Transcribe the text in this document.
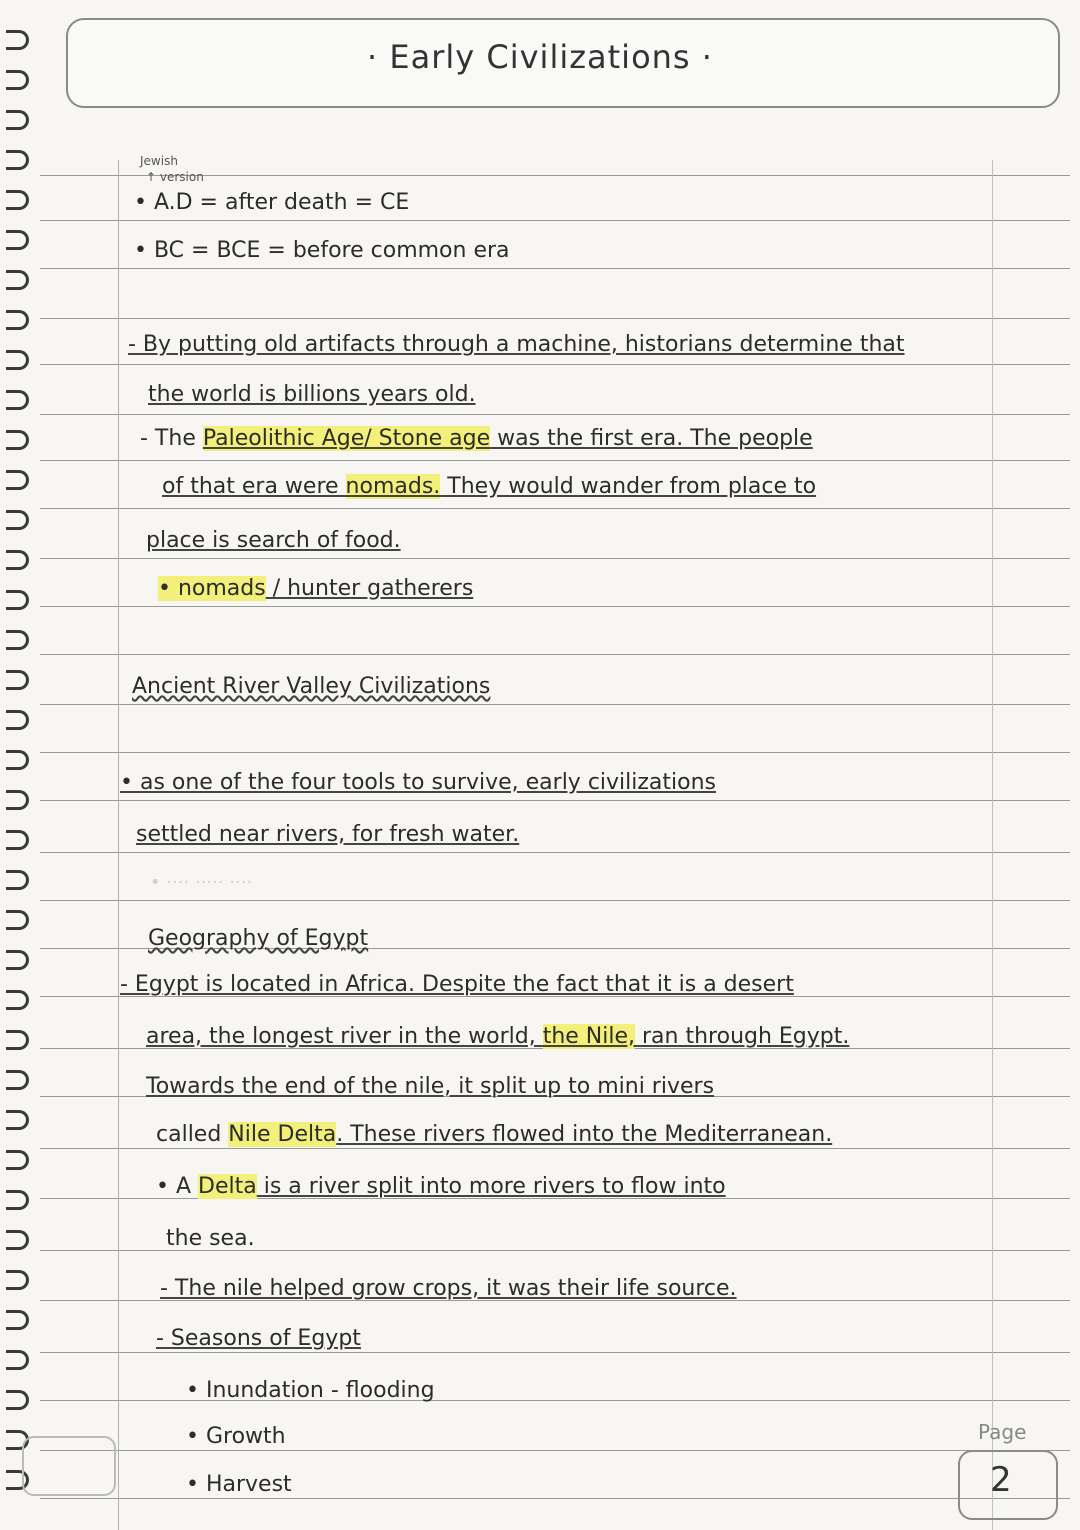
· Early Civilizations ·
Jewish
↑ version
• A.D = after death = CE
• BC = BCE = before common era
- By putting old artifacts through a machine, historians determine that
the world is billions years old.
- The Paleolithic Age/ Stone age was the first era. The people
of that era were nomads. They would wander from place to
place is search of food.
• nomads / hunter gatherers
Ancient River Valley Civilizations
• as one of the four tools to survive, early civilizations
settled near rivers, for fresh water.
• ···· ····· ····
Geography of Egypt
- Egypt is located in Africa. Despite the fact that it is a desert
area, the longest river in the world, the Nile, ran through Egypt.
Towards the end of the nile, it split up to mini rivers
called Nile Delta. These rivers flowed into the Mediterranean.
• A Delta is a river split into more rivers to flow into
the sea.
- The nile helped grow crops, it was their life source.
- Seasons of Egypt
• Inundation - flooding
• Growth
• Harvest
Page
2
